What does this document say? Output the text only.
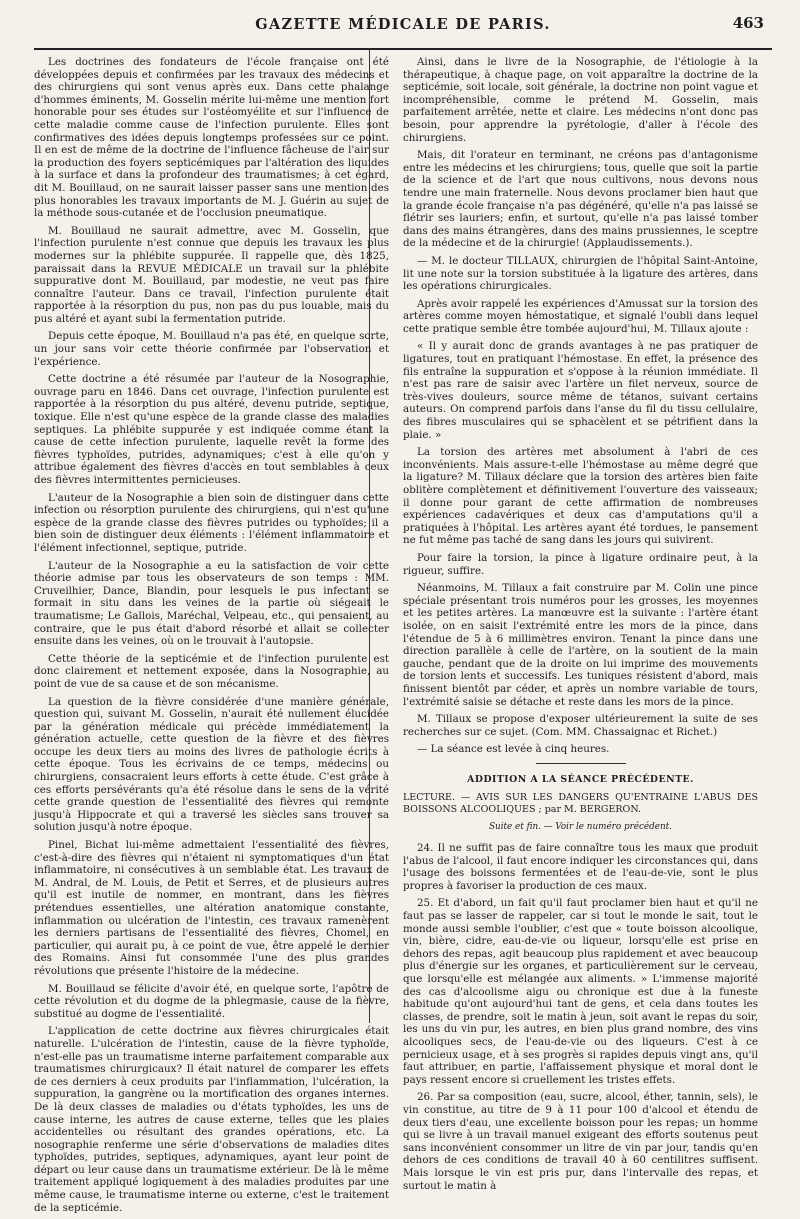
GAZETTE MÉDICALE DE PARIS.	463

Les doctrines des fondateurs de l'école française ont été développées depuis et confirmées par les travaux des médecins et des chirurgiens qui sont venus après eux. Dans cette phalange d'hommes éminents, M. Gosselin mérite lui-même une mention fort honorable pour ses études sur l'ostéomyélite et sur l'influence de cette maladie comme cause de l'infection purulente. Elles sont confirmatives des idées depuis longtemps professées sur ce point. Il en est de même de la doctrine de l'influence fâcheuse de l'air sur la production des foyers septicémiques par l'altération des liquides à la surface et dans la profondeur des traumatismes; à cet égard, dit M. Bouillaud, on ne saurait laisser passer sans une mention des plus honorables les travaux importants de M. J. Guérin au sujet de la méthode sous-cutanée et de l'occlusion pneumatique.

M. Bouillaud ne saurait admettre, avec M. Gosselin, que l'infection purulente n'est connue que depuis les travaux les plus modernes sur la phlébite suppurée. Il rappelle que, dès 1825, paraissait dans la REVUE MÉDICALE un travail sur la phlébite suppurative dont M. Bouillaud, par modestie, ne veut pas faire connaître l'auteur. Dans ce travail, l'infection purulente était rapportée à la résorption du pus, non pas du pus louable, mais du pus altéré et ayant subi la fermentation putride.

Depuis cette époque, M. Bouillaud n'a pas été, en quelque sorte, un jour sans voir cette théorie confirmée par l'observation et l'expérience.

Cette doctrine a été résumée par l'auteur de la Nosographie, ouvrage paru en 1846. Dans cet ouvrage, l'infection purulente est rapportée à la résorption du pus altéré, devenu putride, septique, toxique. Elle n'est qu'une espèce de la grande classe des maladies septiques. La phlébite suppurée y est indiquée comme étant la cause de cette infection purulente, laquelle revêt la forme des fièvres typhoïdes, putrides, adynamiques; c'est à elle qu'on y attribue également des fièvres d'accès en tout semblables à ceux des fièvres intermittentes pernicieuses.

L'auteur de la Nosographie a bien soin de distinguer dans cette infection ou résorption purulente des chirurgiens, qui n'est qu'une espèce de la grande classe des fièvres putrides ou typhoïdes; il a bien soin de distinguer deux éléments : l'élément inflammatoire et l'élément infectionnel, septique, putride.

L'auteur de la Nosographie a eu la satisfaction de voir cette théorie admise par tous les observateurs de son temps : MM. Cruveilhier, Dance, Blandin, pour lesquels le pus infectant se formait in situ dans les veines de la partie où siégeait le traumatisme; Le Gallois, Maréchal, Velpeau, etc., qui pensaient, au contraire, que le pus était d'abord résorbé et allait se collecter ensuite dans les veines, où on le trouvait à l'autopsie.

Cette théorie de la septicémie et de l'infection purulente est donc clairement et nettement exposée, dans la Nosographie, au point de vue de sa cause et de son mécanisme.

La question de la fièvre considérée d'une manière générale, question qui, suivant M. Gosselin, n'aurait été nullement élucidée par la génération médicale qui précède immédiatement la génération actuelle, cette question de la fièvre et des fièvres occupe les deux tiers au moins des livres de pathologie écrits à cette époque. Tous les écrivains de ce temps, médecins ou chirurgiens, consacraient leurs efforts à cette étude. C'est grâce à ces efforts persévérants qu'a été résolue dans le sens de la vérité cette grande question de l'essentialité des fièvres qui remonte jusqu'à Hippocrate et qui a traversé les siècles sans trouver sa solution jusqu'à notre époque.

Pinel, Bichat lui-même admettaient l'essentialité des fièvres, c'est-à-dire des fièvres qui n'étaient ni symptomatiques d'un état inflammatoire, ni consécutives à un semblable état. Les travaux de M. Andral, de M. Louis, de Petit et Serres, et de plusieurs autres qu'il est inutile de nommer, en montrant, dans les fièvres prétendues essentielles, une altération anatomique constante, inflammation ou ulcération de l'intestin, ces travaux ramenèrent les derniers partisans de l'essentialité des fièvres, Chomel, en particulier, qui aurait pu, à ce point de vue, être appelé le dernier des Romains. Ainsi fut consommée l'une des plus grandes révolutions que présente l'histoire de la médecine.

M. Bouillaud se félicite d'avoir été, en quelque sorte, l'apôtre de cette révolution et du dogme de la phlegmasie, cause de la fièvre, substitué au dogme de l'essentialité.

L'application de cette doctrine aux fièvres chirurgicales était naturelle. L'ulcération de l'intestin, cause de la fièvre typhoïde, n'est-elle pas un traumatisme interne parfaitement comparable aux traumatismes chirurgicaux? Il était naturel de comparer les effets de ces derniers à ceux produits par l'inflammation, l'ulcération, la suppuration, la gangrène ou la mortification des organes internes. De là deux classes de maladies ou d'états typhoïdes, les uns de cause interne, les autres de cause externe, telles que les plaies accidentelles ou résultant des grandes opérations, etc. La nosographie renferme une série d'observations de maladies dites typhoïdes, putrides, septiques, adynamiques, ayant leur point de départ ou leur cause dans un traumatisme extérieur. De là le même traitement appliqué logiquement à des maladies produites par une même cause, le traumatisme interne ou externe, c'est le traitement de la septicémie.

Ainsi, dans le livre de la Nosographie, de l'étiologie à la thérapeutique, à chaque page, on voit apparaître la doctrine de la septicémie, soit locale, soit générale, la doctrine non point vague et incompréhensible, comme le prétend M. Gosselin, mais parfaitement arrêtée, nette et claire. Les médecins n'ont donc pas besoin, pour apprendre la pyrétologie, d'aller à l'école des chirurgiens.

Mais, dit l'orateur en terminant, ne créons pas d'antagonisme entre les médecins et les chirurgiens; tous, quelle que soit la partie de la science et de l'art que nous cultivons, nous devons nous tendre une main fraternelle. Nous devons proclamer bien haut que la grande école française n'a pas dégénéré, qu'elle n'a pas laissé se flétrir ses lauriers; enfin, et surtout, qu'elle n'a pas laissé tomber dans des mains étrangères, dans des mains prussiennes, le sceptre de la médecine et de la chirurgie! (Applaudissements.).

— M. le docteur TILLAUX, chirurgien de l'hôpital Saint-Antoine, lit une note sur la torsion substituée à la ligature des artères, dans les opérations chirurgicales.

Après avoir rappelé les expériences d'Amussat sur la torsion des artères comme moyen hémostatique, et signalé l'oubli dans lequel cette pratique semble être tombée aujourd'hui, M. Tillaux ajoute :

« Il y aurait donc de grands avantages à ne pas pratiquer de ligatures, tout en pratiquant l'hémostase. En effet, la présence des fils entraîne la suppuration et s'oppose à la réunion immédiate. Il n'est pas rare de saisir avec l'artère un filet nerveux, source de très-vives douleurs, source même de tétanos, suivant certains auteurs. On comprend parfois dans l'anse du fil du tissu cellulaire, des fibres musculaires qui se sphacèlent et se pétrifient dans la plaie. »

La torsion des artères met absolument à l'abri de ces inconvénients. Mais assure-t-elle l'hémostase au même degré que la ligature? M. Tillaux déclare que la torsion des artères bien faite oblitère complètement et définitivement l'ouverture des vaisseaux; il donne pour garant de cette affirmation de nombreuses expériences cadavériques et deux cas d'amputations qu'il a pratiquées à l'hôpital. Les artères ayant été tordues, le pansement ne fut même pas taché de sang dans les jours qui suivirent.

Pour faire la torsion, la pince à ligature ordinaire peut, à la rigueur, suffire.

Néanmoins, M. Tillaux a fait construire par M. Colin une pince spéciale présentant trois numéros pour les grosses, les moyennes et les petites artères. La manœuvre est la suivante : l'artère étant isolée, on en saisit l'extrémité entre les mors de la pince, dans l'étendue de 5 à 6 millimètres environ. Tenant la pince dans une direction parallèle à celle de l'artère, on la soutient de la main gauche, pendant que de la droite on lui imprime des mouvements de torsion lents et successifs. Les tuniques résistent d'abord, mais finissent bientôt par céder, et après un nombre variable de tours, l'extrémité saisie se détache et reste dans les mors de la pince.

M. Tillaux se propose d'exposer ultérieurement la suite de ses recherches sur ce sujet. (Com. MM. Chassaignac et Richet.)

— La séance est levée à cinq heures.

ADDITION A LA SÉANCE PRÉCÉDENTE.

LECTURE. — AVIS SUR LES DANGERS QU'ENTRAINE L'ABUS DES BOISSONS ALCOOLIQUES ; par M. BERGERON.

Suite et fin. — Voir le numéro précédent.

24. Il ne suffit pas de faire connaître tous les maux que produit l'abus de l'alcool, il faut encore indiquer les circonstances qui, dans l'usage des boissons fermentées et de l'eau-de-vie, sont le plus propres à favoriser la production de ces maux.

25. Et d'abord, un fait qu'il faut proclamer bien haut et qu'il ne faut pas se lasser de rappeler, car si tout le monde le sait, tout le monde aussi semble l'oublier, c'est que « toute boisson alcoolique, vin, bière, cidre, eau-de-vie ou liqueur, lorsqu'elle est prise en dehors des repas, agit beaucoup plus rapidement et avec beaucoup plus d'énergie sur les organes, et particulièrement sur le cerveau, que lorsqu'elle est mélangée aux aliments. » L'immense majorité des cas d'alcoolisme aigu ou chronique est due à la funeste habitude qu'ont aujourd'hui tant de gens, et cela dans toutes les classes, de prendre, soit le matin à jeun, soit avant le repas du soir, les uns du vin pur, les autres, en bien plus grand nombre, des vins alcooliques secs, de l'eau-de-vie ou des liqueurs. C'est à ce pernicieux usage, et à ses progrès si rapides depuis vingt ans, qu'il faut attribuer, en partie, l'affaissement physique et moral dont le pays ressent encore si cruellement les tristes effets.

26. Par sa composition (eau, sucre, alcool, éther, tannin, sels), le vin constitue, au titre de 9 à 11 pour 100 d'alcool et étendu de deux tiers d'eau, une excellente boisson pour les repas; un homme qui se livre à un travail manuel exigeant des efforts soutenus peut sans inconvénient consommer un litre de vin par jour, tandis qu'en dehors de ces conditions de travail 40 à 60 centilitres suffisent. Mais lorsque le vin est pris pur, dans l'intervalle des repas, et surtout le matin à
